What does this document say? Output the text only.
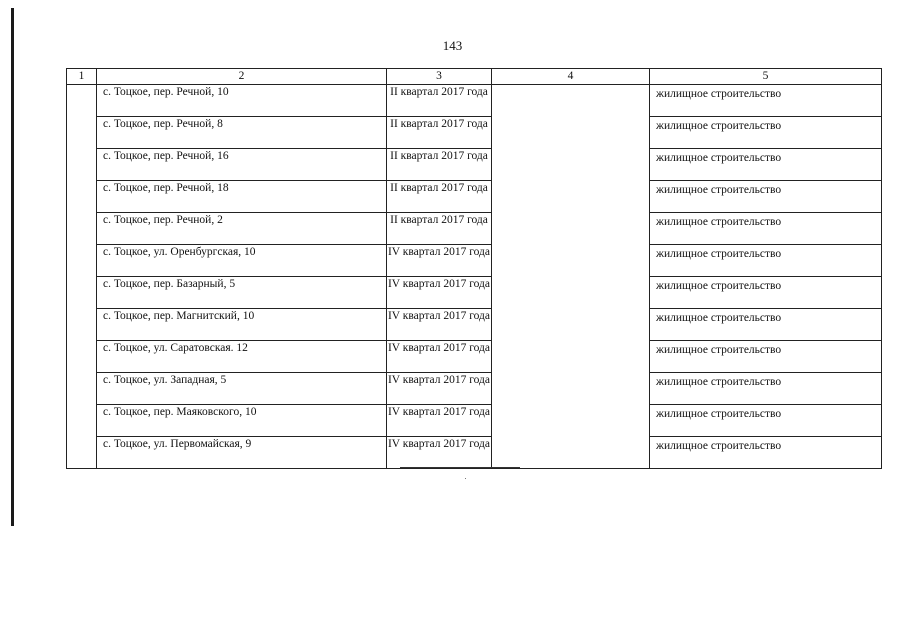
143
1	2	3	4	5
	с. Тоцкое, пер. Речной, 10	II квартал 2017 года		жилищное строительство
	с. Тоцкое, пер. Речной, 8	II квартал 2017 года		жилищное строительство
	с. Тоцкое, пер. Речной, 16	II квартал 2017 года		жилищное строительство
	с. Тоцкое, пер. Речной, 18	II квартал 2017 года		жилищное строительство
	с. Тоцкое, пер. Речной, 2	II квартал 2017 года		жилищное строительство
	с. Тоцкое, ул. Оренбургская, 10	IV квартал 2017 года		жилищное строительство
	с. Тоцкое, пер. Базарный, 5	IV квартал 2017 года		жилищное строительство
	с. Тоцкое, пер. Магнитский, 10	IV квартал 2017 года		жилищное строительство
	с. Тоцкое, ул. Саратовская. 12	IV квартал 2017 года		жилищное строительство
	с. Тоцкое, ул. Западная, 5	IV квартал 2017 года		жилищное строительство
	с. Тоцкое, пер. Маяковского, 10	IV квартал 2017 года		жилищное строительство
	с. Тоцкое, ул. Первомайская, 9	IV квартал 2017 года		жилищное строительство
